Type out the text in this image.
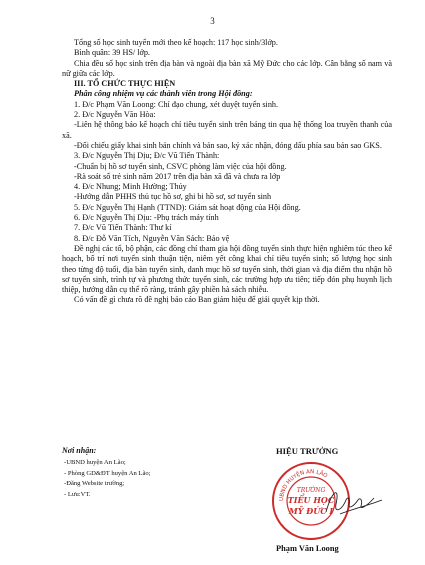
3

Tổng số học sinh tuyển mới theo kế hoạch: 117 học sinh/3lớp.

Bình quân: 39 HS/ lớp.

Chia đều số học sinh trên địa bàn và ngoài địa bàn xã Mỹ Đức cho các lớp. Cân bằng số nam và nữ giữa các lớp.

III. TỔ CHỨC THỰC HIỆN

Phân công nhiệm vụ các thành viên trong Hội đồng:

1. Đ/c Phạm Văn Loong: Chỉ đạo chung, xét duyệt tuyển sinh.

2. Đ/c Nguyễn Văn Hòa:

-Liên hệ thông báo kế hoạch chỉ tiêu tuyển sinh trên bảng tin qua hệ thống loa truyền thanh của xã.

-Đối chiếu giấy khai sinh bản chính và bản sao, ký xác nhận, đóng dấu phía sau bản sao GKS.

3. Đ/c Nguyễn Thị Dịu; Đ/c Vũ Tiến Thành:

-Chuẩn bị hồ sơ tuyển sinh, CSVC phòng làm việc của hội đồng.

-Rà soát số trẻ sinh năm 2017 trên địa bàn xã đã và chưa ra lớp

4. Đ/c Nhung; Minh Hường; Thủy

-Hướng dẫn PHHS thủ tục hồ sơ, ghi bi hồ sơ, sơ tuyển sinh

5. Đ/c Nguyễn Thị Hạnh (TTND): Giám sát hoạt động của Hội đồng.

6. Đ/c Nguyễn Thị Dịu: -Phụ trách máy tính

7. Đ/c Vũ Tiến Thành: Thư kí

8. Đ/c Đỗ Văn Tích, Nguyễn Văn Sách: Bảo vệ

Đề nghị các tổ, bộ phận, các đồng chí tham gia hội đồng tuyển sinh thực hiện nghiêm túc theo kế hoạch, bố trí nơi tuyển sinh thuận tiện, niêm yết công khai chỉ tiêu tuyển sinh; số lượng học sinh theo từng độ tuổi, địa bàn tuyển sinh, danh mục hồ sơ tuyển sinh, thời gian và địa điểm thu nhận hồ sơ tuyển sinh, trình tự và phương thức tuyển sinh, các trường hợp ưu tiên; tiếp đón phụ huynh lịch thiệp, hướng dẫn cụ thể rõ ràng, tránh gây phiền hà sách nhiễu.

Có vấn đề gì chưa rõ đề nghị báo cáo Ban giám hiệu để giải quyết kịp thời.

Nơi nhận:
-UBND huyện An Lão;
- Phòng GD&ĐT huyện An Lão;
-Đăng Website trường;
- Lưu:VT.
HIỆU TRƯỞNG
UBND HUYỆN AN LÃO
TRƯỜNG
TIỂU HỌC
MỸ ĐỨC I
Phạm Văn Loong
